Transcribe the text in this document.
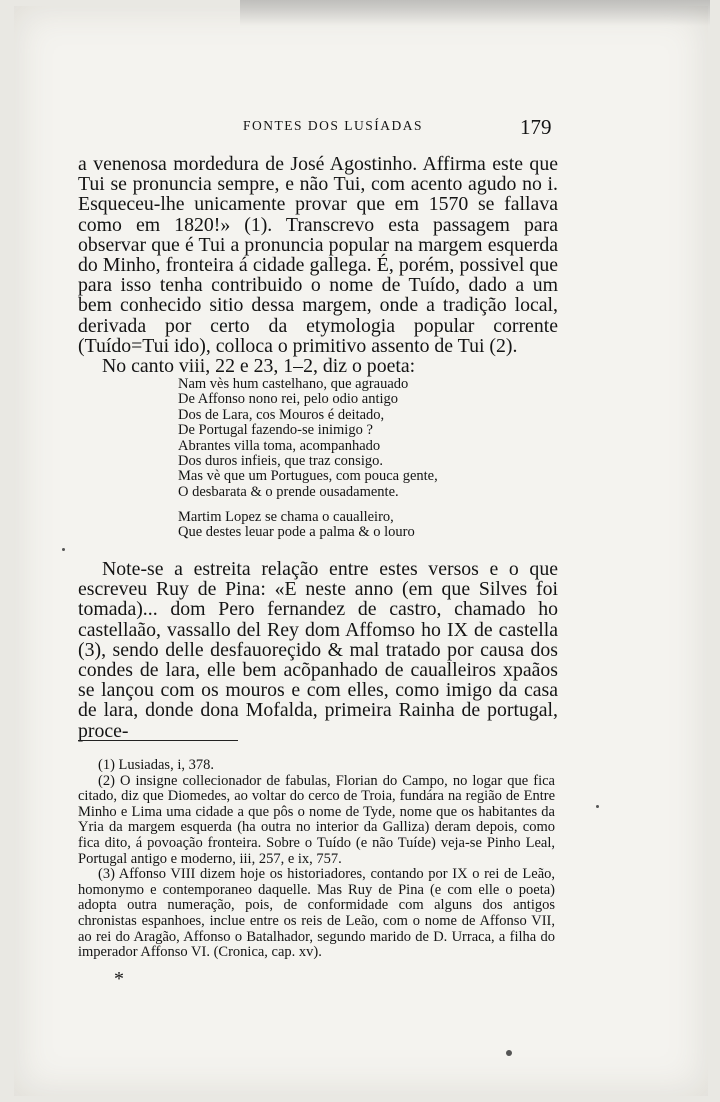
FONTES DOS LUSÍADAS	179

a venenosa mordedura de José Agostinho. Affirma este que Tui se pronuncia sempre, e não Tui, com acento agudo no i. Esqueceu-lhe unicamente provar que em 1570 se fallava como em 1820!» (1). Transcrevo esta passagem para observar que é Tui a pronuncia popular na margem esquerda do Minho, fronteira á cidade gallega. É, porém, possivel que para isso tenha contribuido o nome de Tuído, dado a um bem conhecido sitio dessa margem, onde a tradição local, derivada por certo da etymologia popular corrente (Tuído=Tui ido), colloca o primitivo assento de Tui (2).

No canto viii, 22 e 23, 1–2, diz o poeta:

Nam vès hum castelhano, que agrauado
De Affonso nono rei, pelo odio antigo
Dos de Lara, cos Mouros é deitado,
De Portugal fazendo-se inimigo ?
Abrantes villa toma, acompanhado
Dos duros infieis, que traz consigo.
Mas vè que um Portugues, com pouca gente,
O desbarata & o prende ousadamente.
Martim Lopez se chama o caualleiro,
Que destes leuar pode a palma & o louro

Note-se a estreita relação entre estes versos e o que escreveu Ruy de Pina: «E neste anno (em que Silves foi tomada)... dom Pero fernandez de castro, chamado ho castellaão, vassallo del Rey dom Affomso ho IX de castella (3), sendo delle desfauoreçido & mal tratado por causa dos condes de lara, elle bem acõpanhado de caualleiros xpaãos se lançou com os mouros e com elles, como imigo da casa de lara, donde dona Mofalda, primeira Rainha de portugal, proce-

(1) Lusiadas, i, 378.

(2) O insigne collecionador de fabulas, Florian do Campo, no logar que fica citado, diz que Diomedes, ao voltar do cerco de Troia, fundára na região de Entre Minho e Lima uma cidade a que pôs o nome de Tyde, nome que os habitantes da Yria da margem esquerda (ha outra no interior da Galliza) deram depois, como fica dito, á povoação fronteira. Sobre o Tuído (e não Tuíde) veja-se Pinho Leal, Portugal antigo e moderno, iii, 257, e ix, 757.

(3) Affonso VIII dizem hoje os historiadores, contando por IX o rei de Leão, homonymo e contemporaneo daquelle. Mas Ruy de Pina (e com elle o poeta) adopta outra numeração, pois, de conformidade com alguns dos antigos chronistas espanhoes, inclue entre os reis de Leão, com o nome de Affonso VII, ao rei do Aragão, Affonso o Batalhador, segundo marido de D. Urraca, a filha do imperador Affonso VI. (Cronica, cap. xv).

*
